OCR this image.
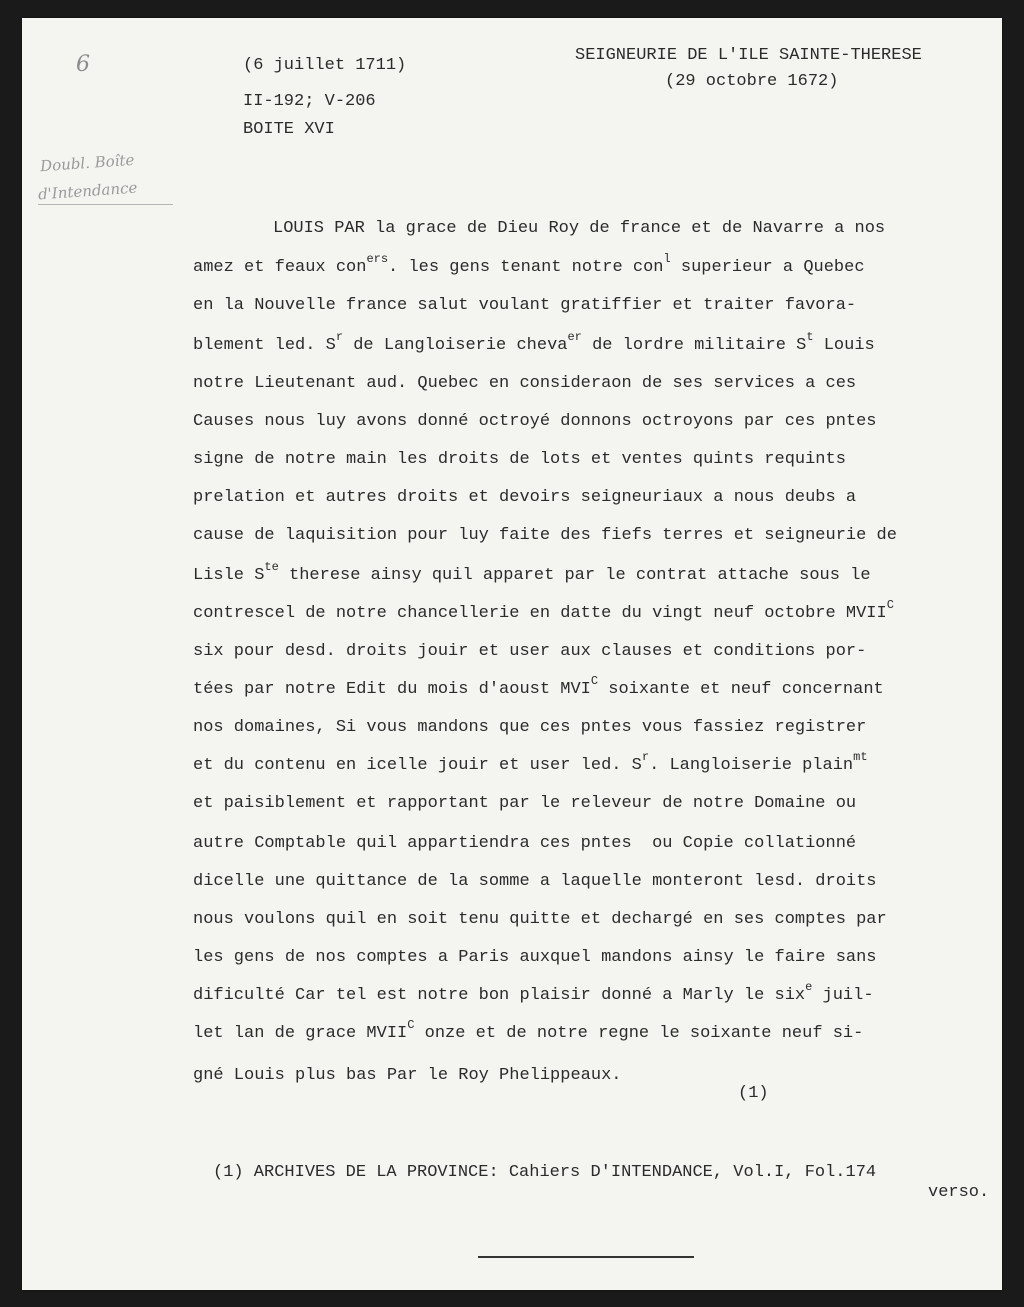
6
Doubl. Boîte
d'Intendance
(6 juillet 1711)
II-192; V-206
BOITE XVI
SEIGNEURIE DE L'ILE SAINTE-THERESE
(29 octobre 1672)
LOUIS PAR la grace de Dieu Roy de france et de Navarre a nos
amez et feaux con$^{ers}$. les gens tenant notre con$^l$ superieur a Quebec
en la Nouvelle france salut voulant gratiffier et traiter favora-
blement led. $S^r$ de Langloiserie cheva$^{er}$ de lordre militaire $S^t$ Louis
notre Lieutenant aud. Quebec en consideraon de ses services a ces
Causes nous luy avons donné octroyé donnons octroyons par ces pntes
signe de notre main les droits de lots et ventes quints requints
prelation et autres droits et devoirs seigneuriaux a nous deubs a
cause de laquisition pour luy faite des fiefs terres et seigneurie de
Lisle $S^{te}$ therese ainsy quil apparet par le contrat attache sous le
contrescel de notre chancellerie en datte du vingt neuf octobre $MVII^C$
six pour desd. droits jouir et user aux clauses et conditions por-
tées par notre Edit du mois d'aoust $MVI^C$ soixante et neuf concernant
nos domaines, Si vous mandons que ces pntes vous fassiez registrer
et du contenu en icelle jouir et user led. $S^r$. Langloiserie plain$^{mt}$
et paisiblement et rapportant par le releveur de notre Domaine ou
autre Comptable quil appartiendra ces pntes  ou Copie collationné
dicelle une quittance de la somme a laquelle monteront lesd. droits
nous voulons quil en soit tenu quitte et dechargé en ses comptes par
les gens de nos comptes a Paris auxquel mandons ainsy le faire sans
dificulté Car tel est notre bon plaisir donné a Marly le six$^e$ juil-
let lan de grace $MVII^C$ onze et de notre regne le soixante neuf si-
gné Louis plus bas Par le Roy Phelippeaux.
(1)
(1) ARCHIVES DE LA PROVINCE: Cahiers D'INTENDANCE, Vol.I, Fol.174
verso.
